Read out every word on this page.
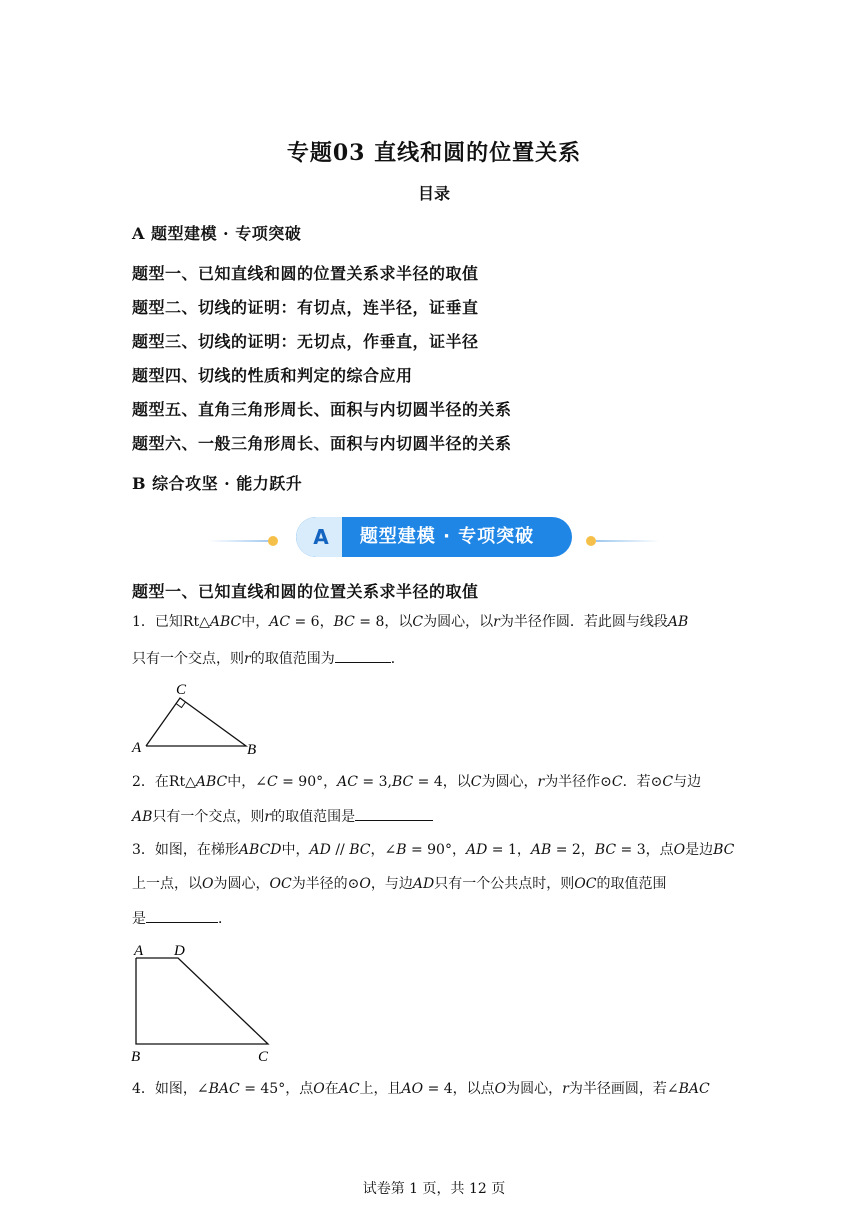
专题03 直线和圆的位置关系
目录
A 题型建模 · 专项突破
题型一、已知直线和圆的位置关系求半径的取值
题型二、切线的证明：有切点，连半径，证垂直
题型三、切线的证明：无切点，作垂直，证半径
题型四、切线的性质和判定的综合应用
题型五、直角三角形周长、面积与内切圆半径的关系
题型六、一般三角形周长、面积与内切圆半径的关系
B 综合攻坚 · 能力跃升
A	题型建模 · 专项突破
题型一、已知直线和圆的位置关系求半径的取值
1．已知Rt△ABC中，AC = 6，BC = 8，以C为圆心，以r为半径作圆．若此圆与线段AB
只有一个交点，则r的取值范围为	．
C
A	B
2．在Rt△ABC中，∠C = 90°，AC = 3,BC = 4，以C为圆心，r为半径作⊙C．若⊙C与边
AB只有一个交点，则r的取值范围是
3．如图，在梯形ABCD中，AD // BC，∠B = 90°，AD = 1，AB = 2，BC = 3，点O是边BC
上一点，以O为圆心，OC为半径的⊙O，与边AD只有一个公共点时，则OC的取值范围
是	．
A D
B	C
4．如图，∠BAC = 45°，点O在AC上，且AO = 4，以点O为圆心，r为半径画圆，若∠BAC
试卷第 1 页，共 12 页
